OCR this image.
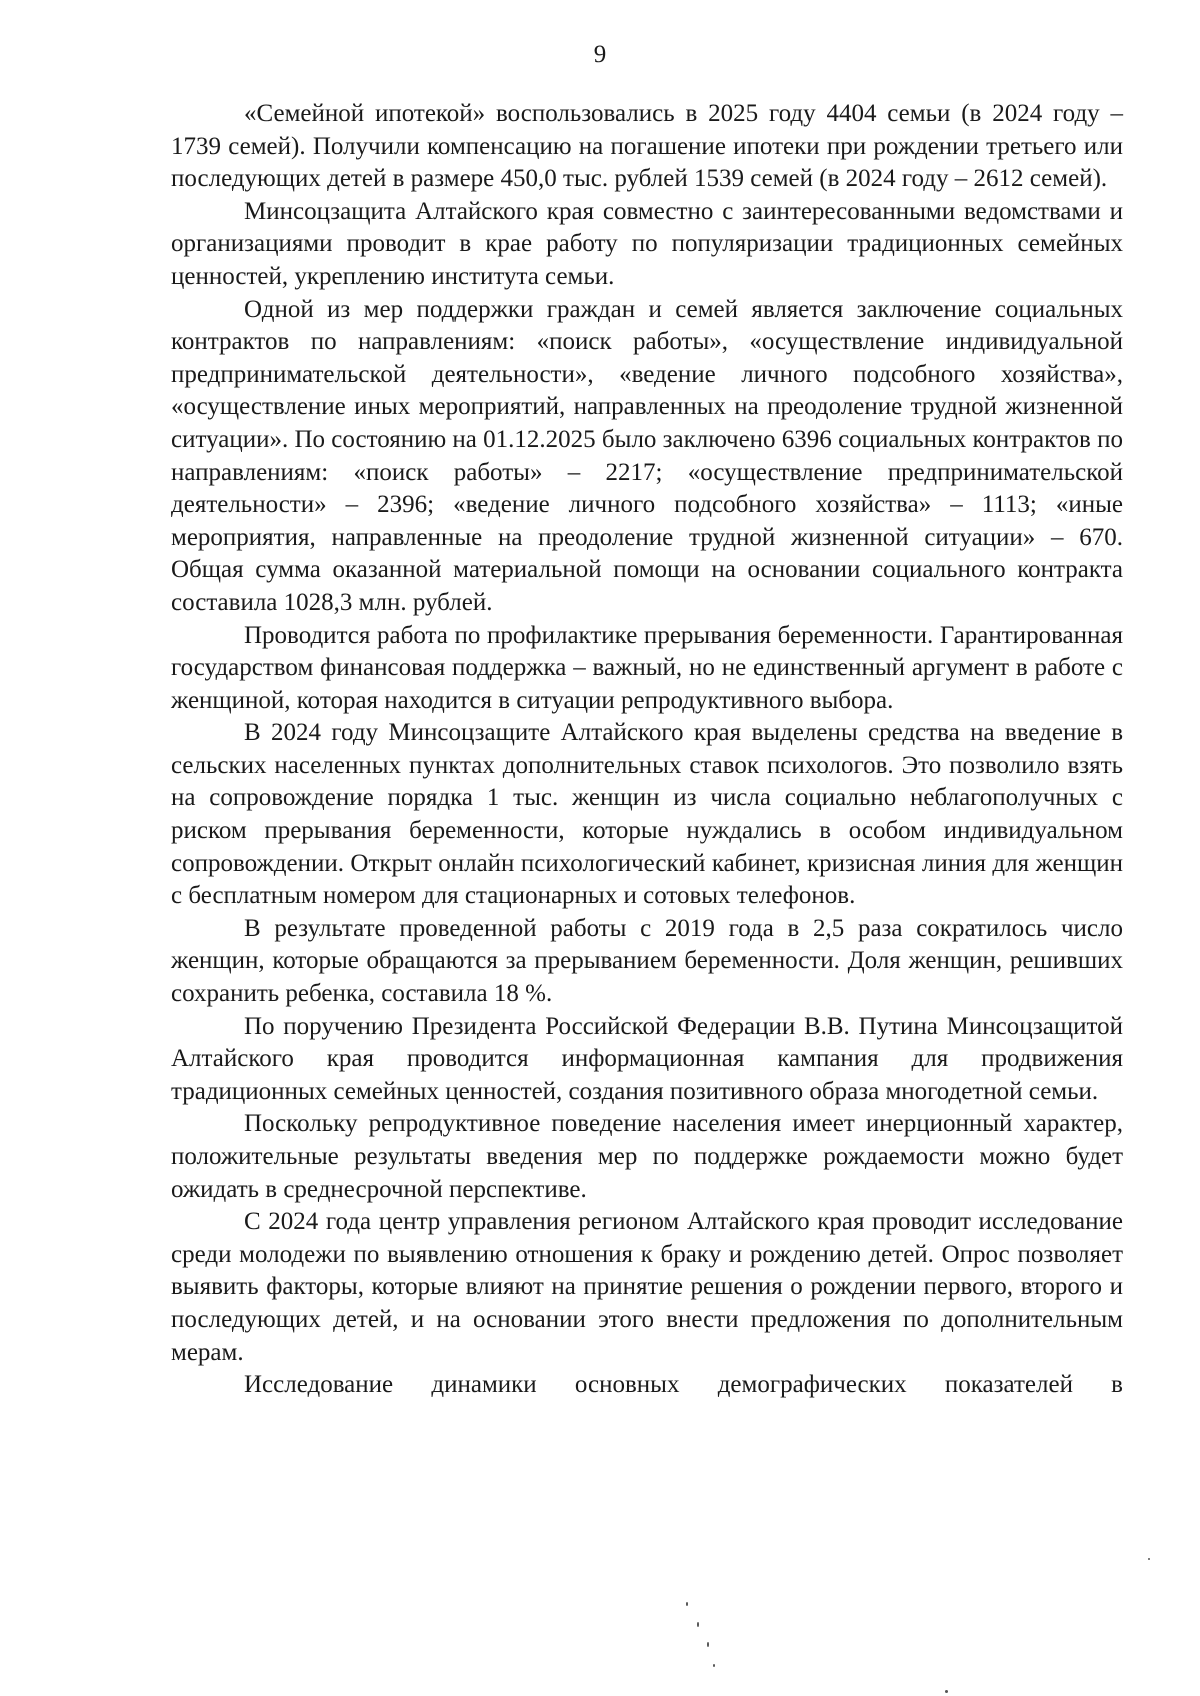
9

«Семейной ипотекой» воспользовались в 2025 году 4404 семьи (в 2024 году – 1739 семей). Получили компенсацию на погашение ипотеки при рождении третьего или последующих детей в размере 450,0 тыс. рублей 1539 семей (в 2024 году – 2612 семей).

Минсоцзащита Алтайского края совместно с заинтересованными ведомствами и организациями проводит в крае работу по популяризации традиционных семейных ценностей, укреплению института семьи.

Одной из мер поддержки граждан и семей является заключение социальных контрактов по направлениям: «поиск работы», «осуществление индивидуальной предпринимательской деятельности», «ведение личного подсобного хозяйства», «осуществление иных мероприятий, направленных на преодоление трудной жизненной ситуации». По состоянию на 01.12.2025 было заключено 6396 социальных контрактов по направлениям: «поиск работы» – 2217; «осуществление предпринимательской деятельности» – 2396; «ведение личного подсобного хозяйства» – 1113; «иные мероприятия, направленные на преодоление трудной жизненной ситуации» – 670. Общая сумма оказанной материальной помощи на основании социального контракта составила 1028,3 млн. рублей.

Проводится работа по профилактике прерывания беременности. Гарантированная государством финансовая поддержка – важный, но не единственный аргумент в работе с женщиной, которая находится в ситуации репродуктивного выбора.

В 2024 году Минсоцзащите Алтайского края выделены средства на введение в сельских населенных пунктах дополнительных ставок психологов. Это позволило взять на сопровождение порядка 1 тыс. женщин из числа социально неблагополучных с риском прерывания беременности, которые нуждались в особом индивидуальном сопровождении. Открыт онлайн психологический кабинет, кризисная линия для женщин с бесплатным номером для стационарных и сотовых телефонов.

В результате проведенной работы с 2019 года в 2,5 раза сократилось число женщин, которые обращаются за прерыванием беременности. Доля женщин, решивших сохранить ребенка, составила 18 %.

По поручению Президента Российской Федерации В.В. Путина Минсоцзащитой Алтайского края проводится информационная кампания для продвижения традиционных семейных ценностей, создания позитивного образа многодетной семьи.

Поскольку репродуктивное поведение населения имеет инерционный характер, положительные результаты введения мер по поддержке рождаемости можно будет ожидать в среднесрочной перспективе.

С 2024 года центр управления регионом Алтайского края проводит исследование среди молодежи по выявлению отношения к браку и рождению детей. Опрос позволяет выявить факторы, которые влияют на принятие решения о рождении первого, второго и последующих детей, и на основании этого внести предложения по дополнительным мерам.

Исследование динамики основных демографических показателей в
